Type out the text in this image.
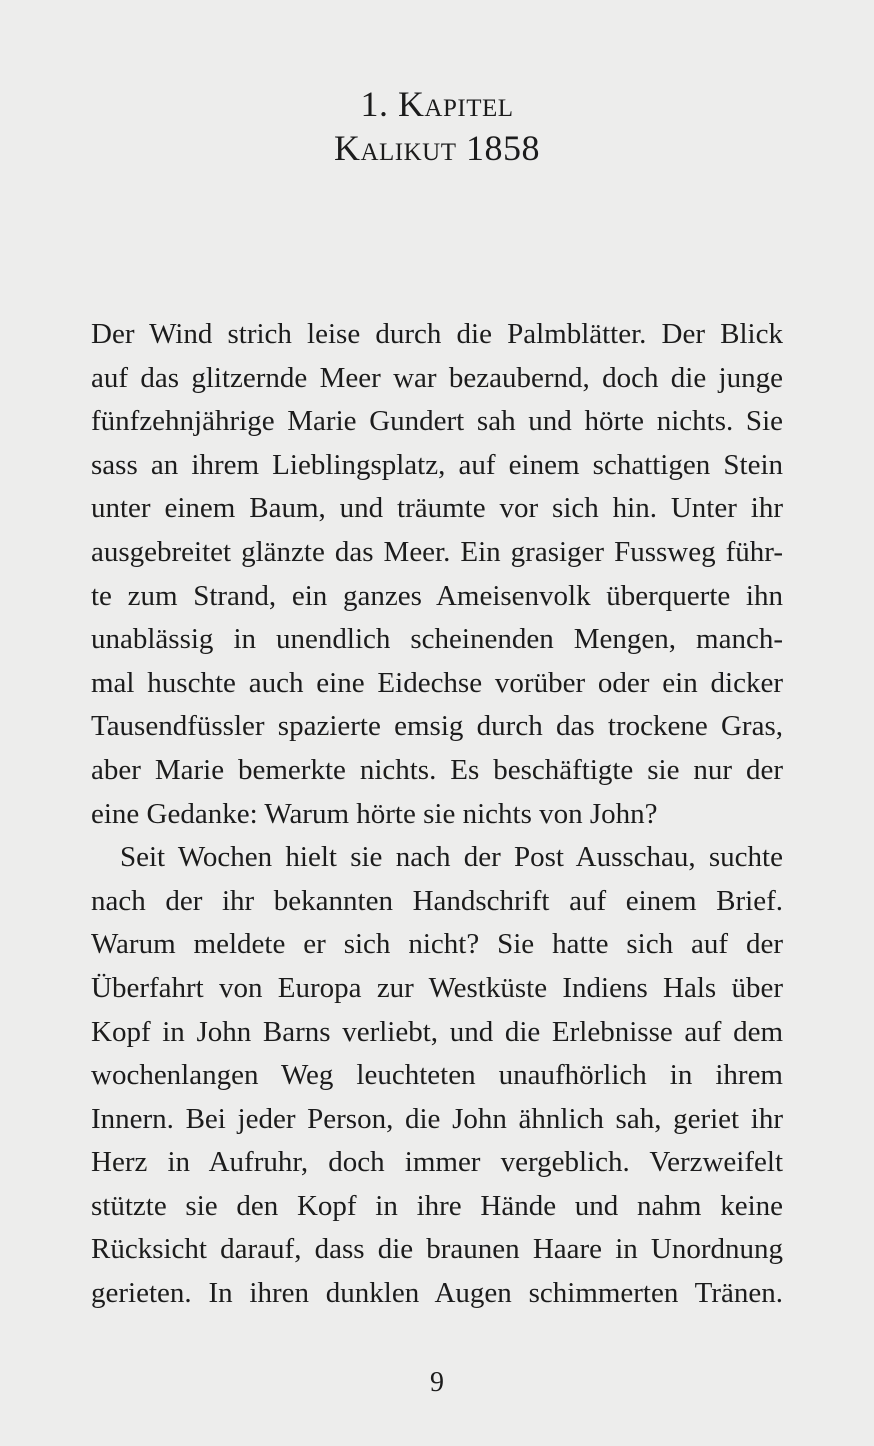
1. Kapitel
Kalikut 1858
Der Wind strich leise durch die Palmblätter. Der Blick
auf das glitzernde Meer war bezaubernd, doch die junge
fünfzehnjährige Marie Gundert sah und hörte nichts. Sie
sass an ihrem Lieblingsplatz, auf einem schattigen Stein
unter einem Baum, und träumte vor sich hin. Unter ihr
ausgebreitet glänzte das Meer. Ein grasiger Fussweg führ-
te zum Strand, ein ganzes Ameisenvolk überquerte ihn
unablässig in unendlich scheinenden Mengen, manch-
mal huschte auch eine Eidechse vorüber oder ein dicker
Tausendfüssler spazierte emsig durch das trockene Gras,
aber Marie bemerkte nichts. Es beschäftigte sie nur der
eine Gedanke: Warum hörte sie nichts von John?
Seit Wochen hielt sie nach der Post Ausschau, suchte
nach der ihr bekannten Handschrift auf einem Brief.
Warum meldete er sich nicht? Sie hatte sich auf der
Überfahrt von Europa zur Westküste Indiens Hals über
Kopf in John Barns verliebt, und die Erlebnisse auf dem
wochenlangen Weg leuchteten unaufhörlich in ihrem
Innern. Bei jeder Person, die John ähnlich sah, geriet ihr
Herz in Aufruhr, doch immer vergeblich. Verzweifelt
stützte sie den Kopf in ihre Hände und nahm keine
Rücksicht darauf, dass die braunen Haare in Unordnung
gerieten. In ihren dunklen Augen schimmerten Tränen.
9
